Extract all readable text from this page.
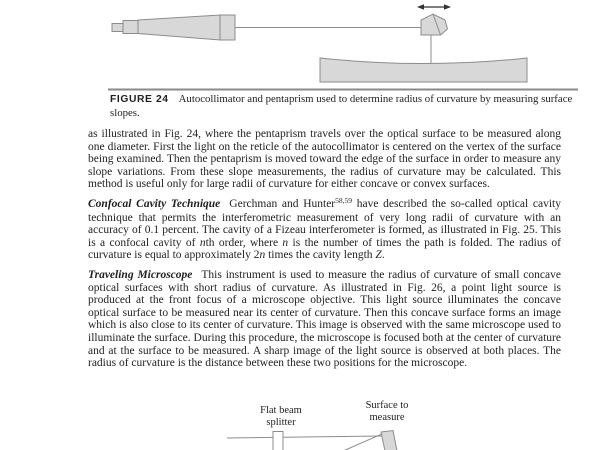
FIGURE 24 Autocollimator and pentaprism used to determine radius of curvature by measuring surface slopes.

as illustrated in Fig. 24, where the pentaprism travels over the optical surface to be measured along one diameter. First the light on the reticle of the autocollimator is centered on the vertex of the surface being examined. Then the pentaprism is moved toward the edge of the surface in order to measure any slope variations. From these slope measurements, the radius of curvature may be calculated. This method is useful only for large radii of curvature for either concave or convex surfaces.

Confocal Cavity Technique Gerchman and Hunter$^{58,59}$ have described the so-called optical cavity technique that permits the interferometric measurement of very long radii of curvature with an accuracy of 0.1 percent. The cavity of a Fizeau interferometer is formed, as illustrated in Fig. 25. This is a confocal cavity of nth order, where n is the number of times the path is folded. The radius of curvature is equal to approximately 2n times the cavity length Z.

Traveling Microscope This instrument is used to measure the radius of curvature of small concave optical surfaces with short radius of curvature. As illustrated in Fig. 26, a point light source is produced at the front focus of a microscope objective. This light source illuminates the concave optical surface to be measured near its center of curvature. Then this concave surface forms an image which is also close to its center of curvature. This image is observed with the same microscope used to illuminate the surface. During this procedure, the microscope is focused both at the center of curvature and at the surface to be measured. A sharp image of the light source is observed at both places. The radius of curvature is the distance between these two positions for the microscope.

Flat beam
splitter
Surface to
measure
